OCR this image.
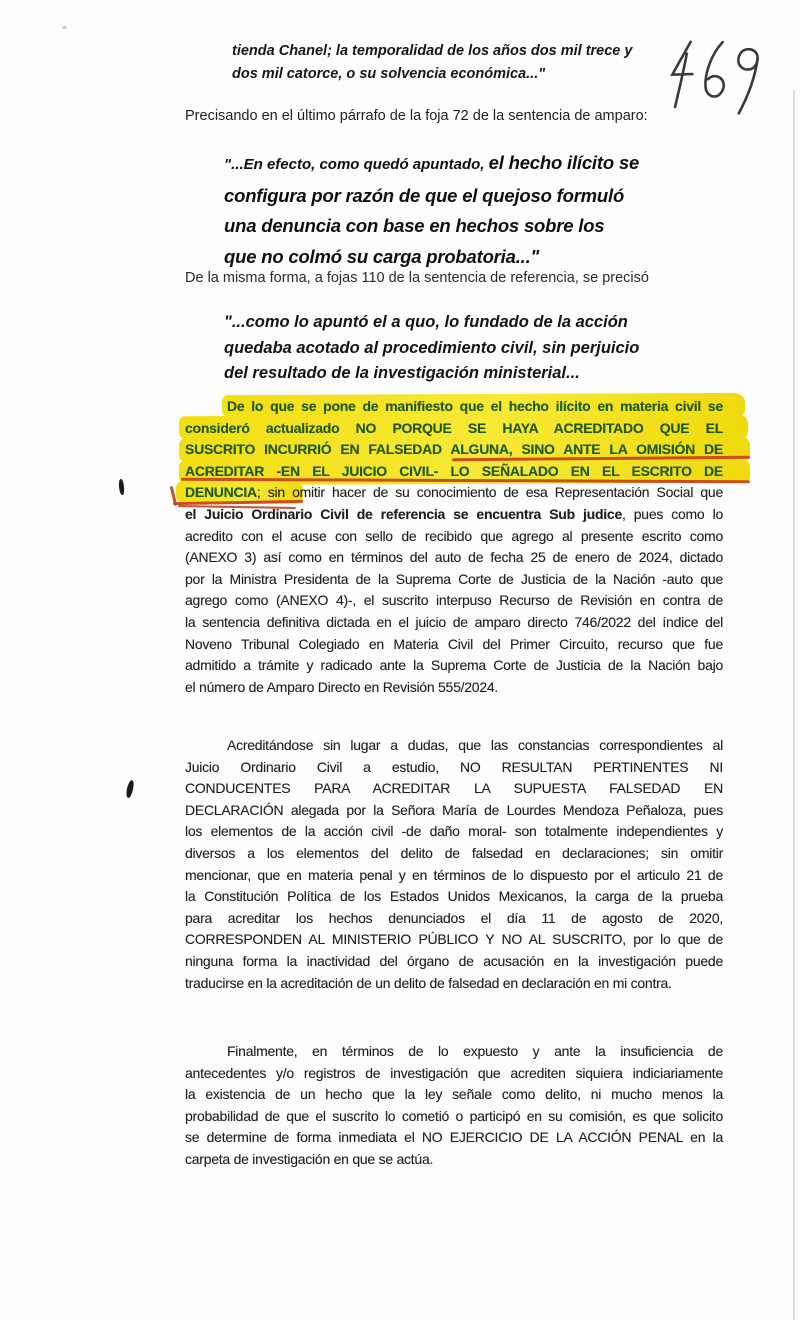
tienda Chanel; la temporalidad de los años dos mil trece y
dos mil catorce, o su solvencia económica..."
Precisando en el último párrafo de la foja 72 de la sentencia de amparo:
"...En efecto, como quedó apuntado, el hecho ilícito se
configura por razón de que el quejoso formuló
una denuncia con base en hechos sobre los
que no colmó su carga probatoria..."
De la misma forma, a fojas 110 de la sentencia de referencia, se precisó
"...como lo apuntó el a quo, lo fundado de la acción
quedaba acotado al procedimiento civil, sin perjuicio
del resultado de la investigación ministerial...
De lo que se pone de manifiesto que el hecho ilícito en materia civil se
consideró actualizado NO PORQUE SE HAYA ACREDITADO QUE EL
SUSCRITO INCURRIÓ EN FALSEDAD ALGUNA, SINO ANTE LA OMISIÓN DE
ACREDITAR -EN EL JUICIO CIVIL- LO SEÑALADO EN EL ESCRITO DE
DENUNCIA; sin omitir hacer de su conocimiento de esa Representación Social que
el Juicio Ordinario Civil de referencia se encuentra Sub judice, pues como lo
acredito con el acuse con sello de recibido que agrego al presente escrito como
(ANEXO 3) así como en términos del auto de fecha 25 de enero de 2024, dictado
por la Ministra Presidenta de la Suprema Corte de Justicia de la Nación -auto que
agrego como (ANEXO 4)-, el suscrito interpuso Recurso de Revisión en contra de
la sentencia definitiva dictada en el juicio de amparo directo 746/2022 del índice del
Noveno Tribunal Colegiado en Materia Civil del Primer Circuito, recurso que fue
admitido a trámite y radicado ante la Suprema Corte de Justicia de la Nación bajo
el número de Amparo Directo en Revisión 555/2024.
Acreditándose sin lugar a dudas, que las constancias correspondientes al
Juicio Ordinario Civil a estudio, NO RESULTAN PERTINENTES NI
CONDUCENTES PARA ACREDITAR LA SUPUESTA FALSEDAD EN
DECLARACIÓN alegada por la Señora María de Lourdes Mendoza Peñaloza, pues
los elementos de la acción civil -de daño moral- son totalmente independientes y
diversos a los elementos del delito de falsedad en declaraciones; sin omitir
mencionar, que en materia penal y en términos de lo dispuesto por el articulo 21 de
la Constitución Política de los Estados Unidos Mexicanos, la carga de la prueba
para acreditar los hechos denunciados el día 11 de agosto de 2020,
CORRESPONDEN AL MINISTERIO PÚBLICO Y NO AL SUSCRITO, por lo que de
ninguna forma la inactividad del órgano de acusación en la investigación puede
traducirse en la acreditación de un delito de falsedad en declaración en mi contra.
Finalmente, en términos de lo expuesto y ante la insuficiencia de
antecedentes y/o registros de investigación que acrediten siquiera indiciariamente
la existencia de un hecho que la ley señale como delito, ni mucho menos la
probabilidad de que el suscrito lo cometió o participó en su comisión, es que solicito
se determine de forma inmediata el NO EJERCICIO DE LA ACCIÓN PENAL en la
carpeta de investigación en que se actúa.
